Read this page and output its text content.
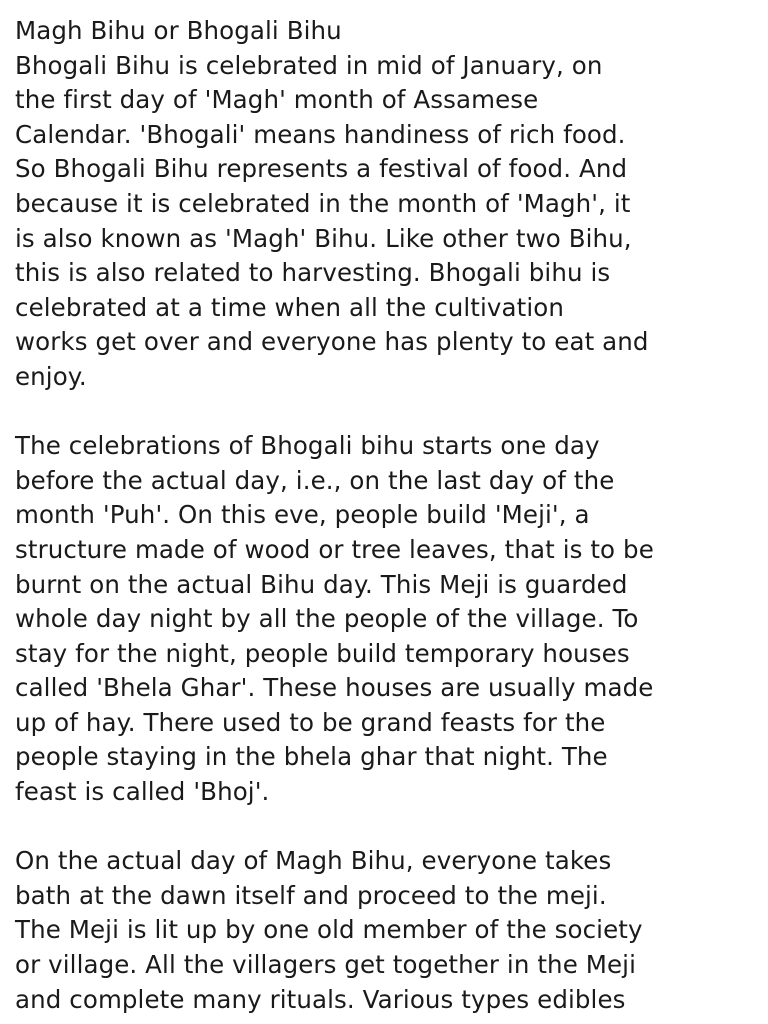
Magh Bihu or Bhogali Bihu

Bhogali Bihu is celebrated in mid of January, on
the first day of 'Magh' month of Assamese
Calendar. 'Bhogali' means handiness of rich food.
So Bhogali Bihu represents a festival of food. And
because it is celebrated in the month of 'Magh', it
is also known as 'Magh' Bihu. Like other two Bihu,
this is also related to harvesting. Bhogali bihu is
celebrated at a time when all the cultivation
works get over and everyone has plenty to eat and
enjoy.

The celebrations of Bhogali bihu starts one day
before the actual day, i.e., on the last day of the
month 'Puh'. On this eve, people build 'Meji', a
structure made of wood or tree leaves, that is to be
burnt on the actual Bihu day. This Meji is guarded
whole day night by all the people of the village. To
stay for the night, people build temporary houses
called 'Bhela Ghar'. These houses are usually made
up of hay. There used to be grand feasts for the
people staying in the bhela ghar that night. The
feast is called 'Bhoj'.

On the actual day of Magh Bihu, everyone takes
bath at the dawn itself and proceed to the meji.
The Meji is lit up by one old member of the society
or village. All the villagers get together in the Meji
and complete many rituals. Various types edibles
